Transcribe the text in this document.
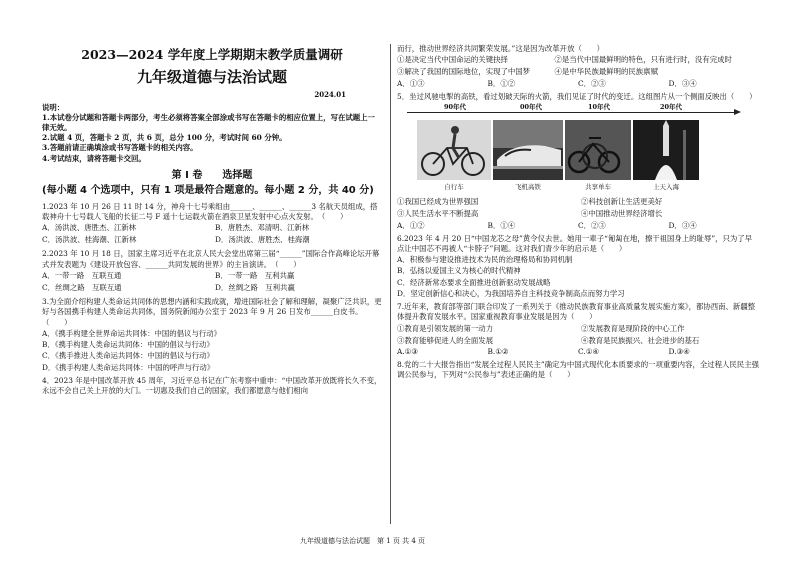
2023—2024 学年度上学期期末教学质量调研
九年级道德与法治试题
2024.01
说明：
1.本试卷分试题和答题卡两部分，考生必须将答案全部涂或书写在答题卡的相应位置上，写在试题上一律无效。
2.试题 4 页，答题卡 2 页，共 6 页，总分 100 分，考试时间 60 分钟。
3.答题前请正确填涂或书写答题卡的相关内容。
4.考试结束，请将答题卡交回。
第 Ⅰ 卷　　选择题
(每小题 4 个选项中，只有 1 项是最符合题意的。每小题 2 分，共 40 分)
1.2023 年 10 月 26 日 11 时 14 分，神舟十七号乘组由______、______、______3 名航天员组成，搭载神舟十七号载人飞船的长征二号 F 遥十七运载火箭在酒泉卫星发射中心点火发射。　（　　）
A．汤洪波、唐胜杰、江新林	B．唐胜杰、邓清明、江新林
C．汤洪波、桂海潮、江新林	D．汤洪波、唐胜杰、桂海潮
2.2023 年 10 月 18 日，国家主席习近平在北京人民大会堂出席第三届“______”国际合作高峰论坛开幕式并发表题为《建设开放包容、______共同发展的世界》的主旨演讲。　（　　）
A．一带一路　互联互通	B．一带一路　互利共赢
C．丝绸之路　互联互通	D．丝绸之路　互利共赢
3.为全面介绍构建人类命运共同体的思想内涵和实践成就，增进国际社会了解和理解，凝聚广泛共识，更好与各国携手构建人类命运共同体，国务院新闻办公室于 2023 年 9 月 26 日发布______白皮书。（　　）
A．《携手构建全世界命运共同体：中国的倡议与行动》
B．《携手构建人类命运共同体：中国的倡议与行动》
C．《携手推进人类命运共同体：中国的倡议与行动》
D．《携手构建人类命运共同体：中国的呼声与行动》
4．2023 年是中国改革开放 45 周年，习近平总书记在广东考察中重申：“中国改革开放既将长久不变，永远不会自己关上开放的大门。一切惠及我们自己的国家，我们都愿意与他们相向
而行，推动世界经济共同繁荣发展。”这是因为改革开放（　　）
①是决定当代中国命运的关键抉择	②是当代中国最鲜明的特色，只有进行时，没有完成时
③解决了我国的国际地位，实现了中国梦	④是中华民族最鲜明的民族禀赋
A．①③	B．①②	C．②③	D．③④
5．坐过风驰电掣的高铁，看过划破天际的火箭，我们见证了时代的变迁。这组图片从一个侧面反映出（　　）
90年代	00年代	10年代	20年代
自行车	飞机高铁	共享单车	上天入海
①我国已经成为世界强国	②科技创新让生活更美好
③人民生活水平不断提高	④中国推动世界经济增长
A．①②	B．①④	C．②③	D．③④
6.2023 年 4 月 20 日“中国龙芯之母”黄令仪去世。她用一辈子“匍匐在地，擦干祖国身上的耻辱”，只为了早点让中国芯不再被人“卡脖子”问题。这对我们青少年的启示是（　　）
A．积极参与建设推进技术为民的治理格局和协同机制
B．弘扬以爱国主义为核心的时代精神
C．经济新常态要求全面推进创新驱动发展战略
D．坚定创新信心和决心，为我国培养自主科技竞争制高点而努力学习
7.近年来，教育部等部门联合印发了一系列关于《推动民族教育事业高质量发展实施方案》，都协西南、新疆整体提升教育发展水平。国家重视教育事业发展是因为（　　）
①教育是引领发展的第一动力	②发展教育是现阶段的中心工作
③教育能够促进人的全面发展	④教育是民族振兴、社会进步的基石
A.①③	B.①②	C.①④	D.③④
8.党的二十大报告指出“发展全过程人民民主”确定为中国式现代化本质要求的一项重要内容，全过程人民民主强调公民参与，下列对“公民参与”表述正确的是（　　）
九年级道德与法治试题　第 1 页 共 4 页
